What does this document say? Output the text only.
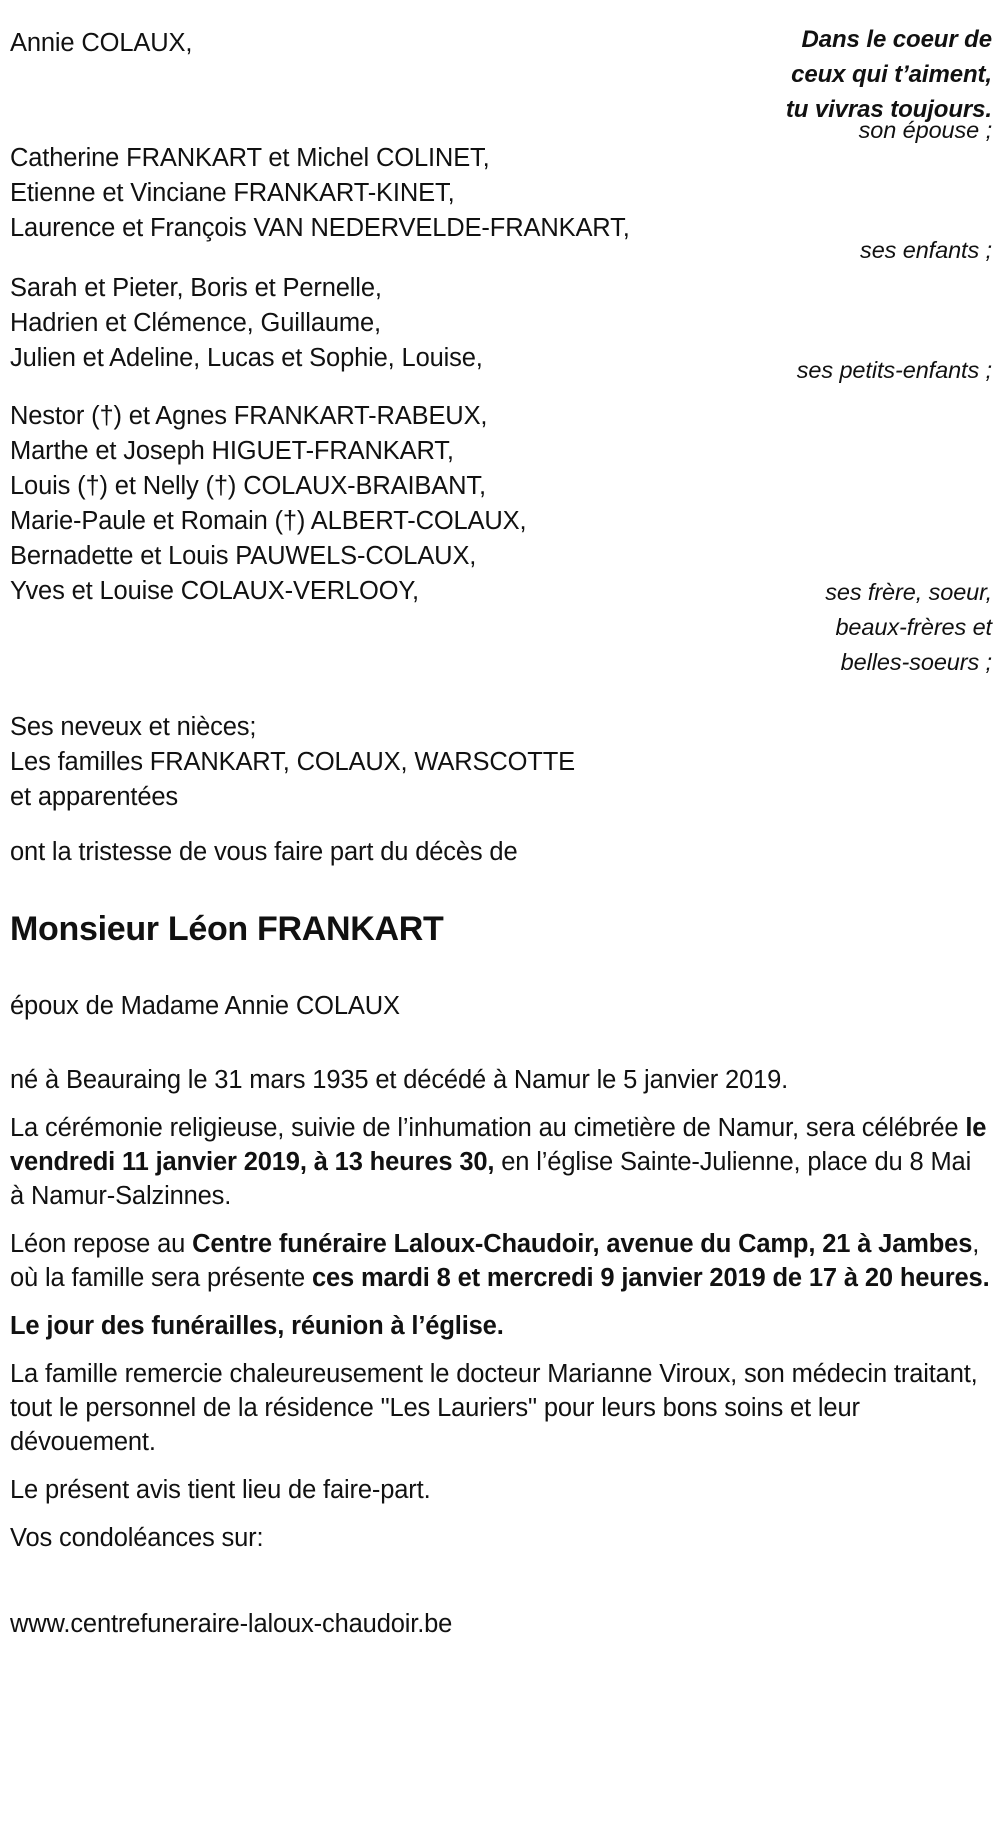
Dans le coeur de
ceux qui t’aiment,
tu vivras toujours.
son épouse ;
ses enfants ;
ses petits-enfants ;
ses frère, soeur,
beaux-frères et
belles-soeurs ;
Annie COLAUX,
Catherine FRANKART et Michel COLINET,
Etienne et Vinciane FRANKART-KINET,
Laurence et François VAN NEDERVELDE-FRANKART,
Sarah et Pieter, Boris et Pernelle,
Hadrien et Clémence, Guillaume,
Julien et Adeline, Lucas et Sophie, Louise,
Nestor (†) et Agnes FRANKART-RABEUX,
Marthe et Joseph HIGUET-FRANKART,
Louis (†) et Nelly (†) COLAUX-BRAIBANT,
Marie-Paule et Romain (†) ALBERT-COLAUX,
Bernadette et Louis PAUWELS-COLAUX,
Yves et Louise COLAUX-VERLOOY,
Ses neveux et nièces;
Les familles FRANKART, COLAUX, WARSCOTTE
et apparentées

ont la tristesse de vous faire part du décès de

Monsieur Léon FRANKART

époux de Madame Annie COLAUX

né à Beauraing le 31 mars 1935 et décédé à Namur le 5 janvier 2019.

La cérémonie religieuse, suivie de l’inhumation au cimetière de Namur, sera célébrée le vendredi 11 janvier 2019, à 13 heures 30, en l’église Sainte-Julienne, place du 8 Mai à Namur-Salzinnes.

Léon repose au Centre funéraire Laloux-Chaudoir, avenue du Camp, 21 à Jambes, où la famille sera présente ces mardi 8 et mercredi 9 janvier 2019 de 17 à 20 heures.

Le jour des funérailles, réunion à l’église.

La famille remercie chaleureusement le docteur Marianne Viroux, son médecin traitant, tout le personnel de la résidence "Les Lauriers" pour leurs bons soins et leur dévouement.

Le présent avis tient lieu de faire-part.

Vos condoléances sur:

www.centrefuneraire-laloux-chaudoir.be
